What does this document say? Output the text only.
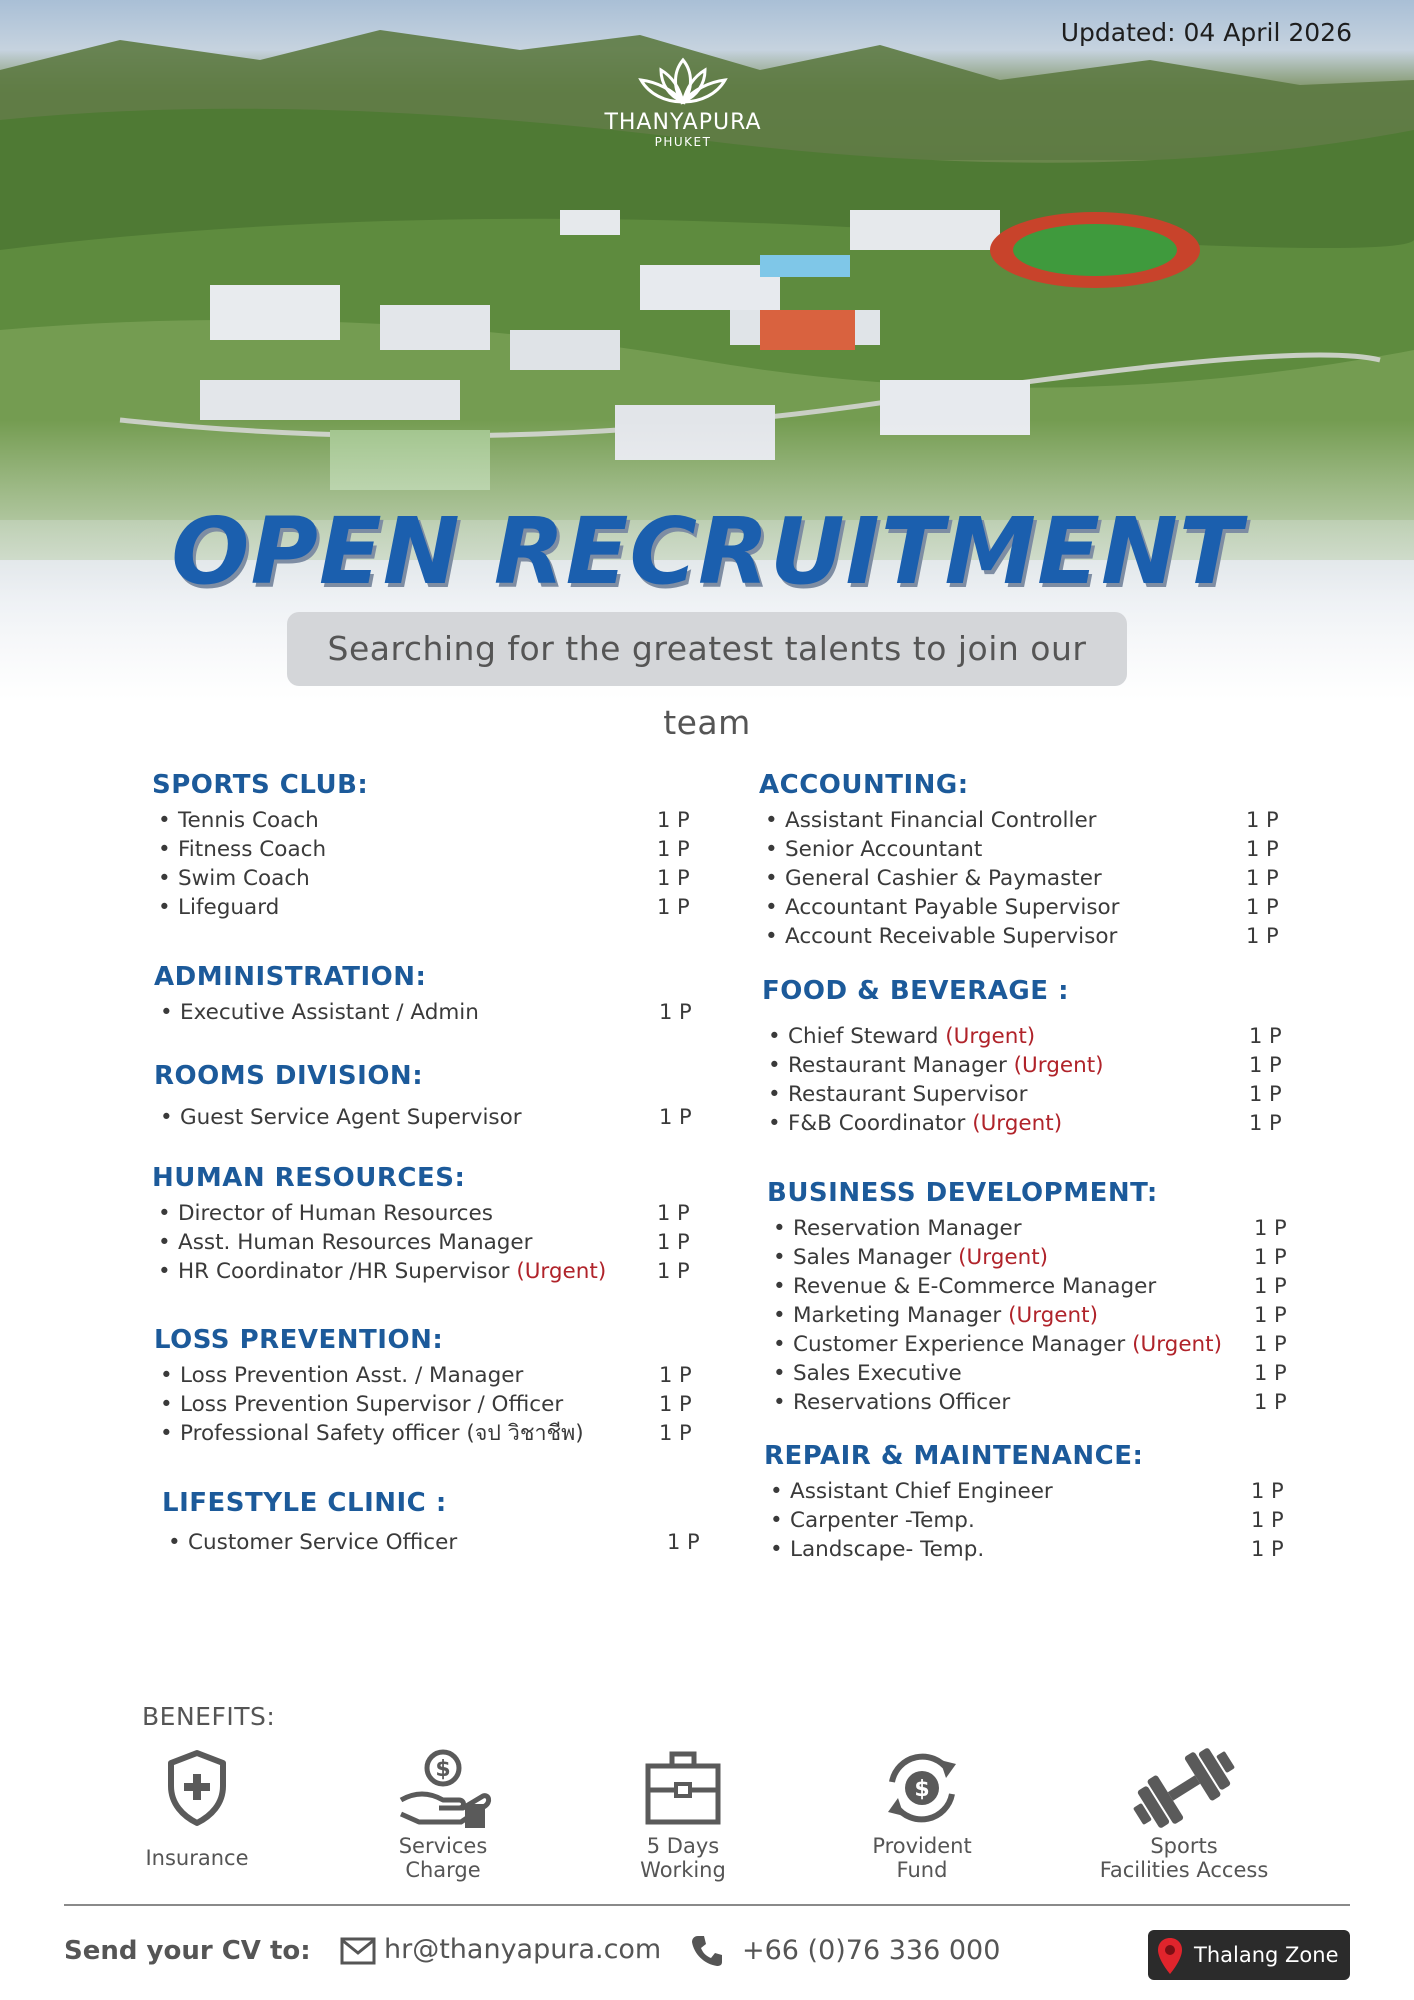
Updated: 04 April 2026
THANYAPURA
PHUKET
OPEN RECRUITMENT
Searching for the greatest talents to join our team
SPORTS CLUB:
• Tennis Coach	1 P
• Fitness Coach	1 P
• Swim Coach	1 P
• Lifeguard	1 P
ADMINISTRATION:
• Executive Assistant / Admin	1 P
ROOMS DIVISION:
• Guest Service Agent Supervisor	1 P
HUMAN RESOURCES:
• Director of Human Resources	1 P
• Asst. Human Resources Manager	1 P
• HR Coordinator /HR Supervisor (Urgent) 1 P
LOSS PREVENTION:
• Loss Prevention Asst. / Manager	1 P
• Loss Prevention Supervisor / Officer	1 P
• Professional Safety officer (จป วิชาชีพ)	1 P
LIFESTYLE CLINIC :
• Customer Service Officer	1 P
ACCOUNTING:
• Assistant Financial Controller	1 P
• Senior Accountant	1 P
• General Cashier & Paymaster	1 P
• Accountant Payable Supervisor	1 P
• Account Receivable Supervisor	1 P
FOOD & BEVERAGE :
• Chief Steward (Urgent)	1 P
• Restaurant Manager (Urgent)	1 P
• Restaurant Supervisor	1 P
• F&B Coordinator (Urgent)	1 P
BUSINESS DEVELOPMENT:
• Reservation Manager	1 P
• Sales Manager (Urgent)	1 P
• Revenue & E-Commerce Manager	1 P
• Marketing Manager (Urgent)	1 P
• Customer Experience Manager (Urgent) 1 P
• Sales Executive	1 P
• Reservations Officer	1 P
REPAIR & MAINTENANCE:
• Assistant Chief Engineer	1 P
• Carpenter -Temp.	1 P
• Landscape- Temp.	1 P
BENEFITS:
Insurance
$
Services
Charge
5 Days
Working
$
Provident
Fund
Sports
Facilities Access
Send your CV to:	hr@thanyapura.com	+66 (0)76 336 000	Thalang Zone
